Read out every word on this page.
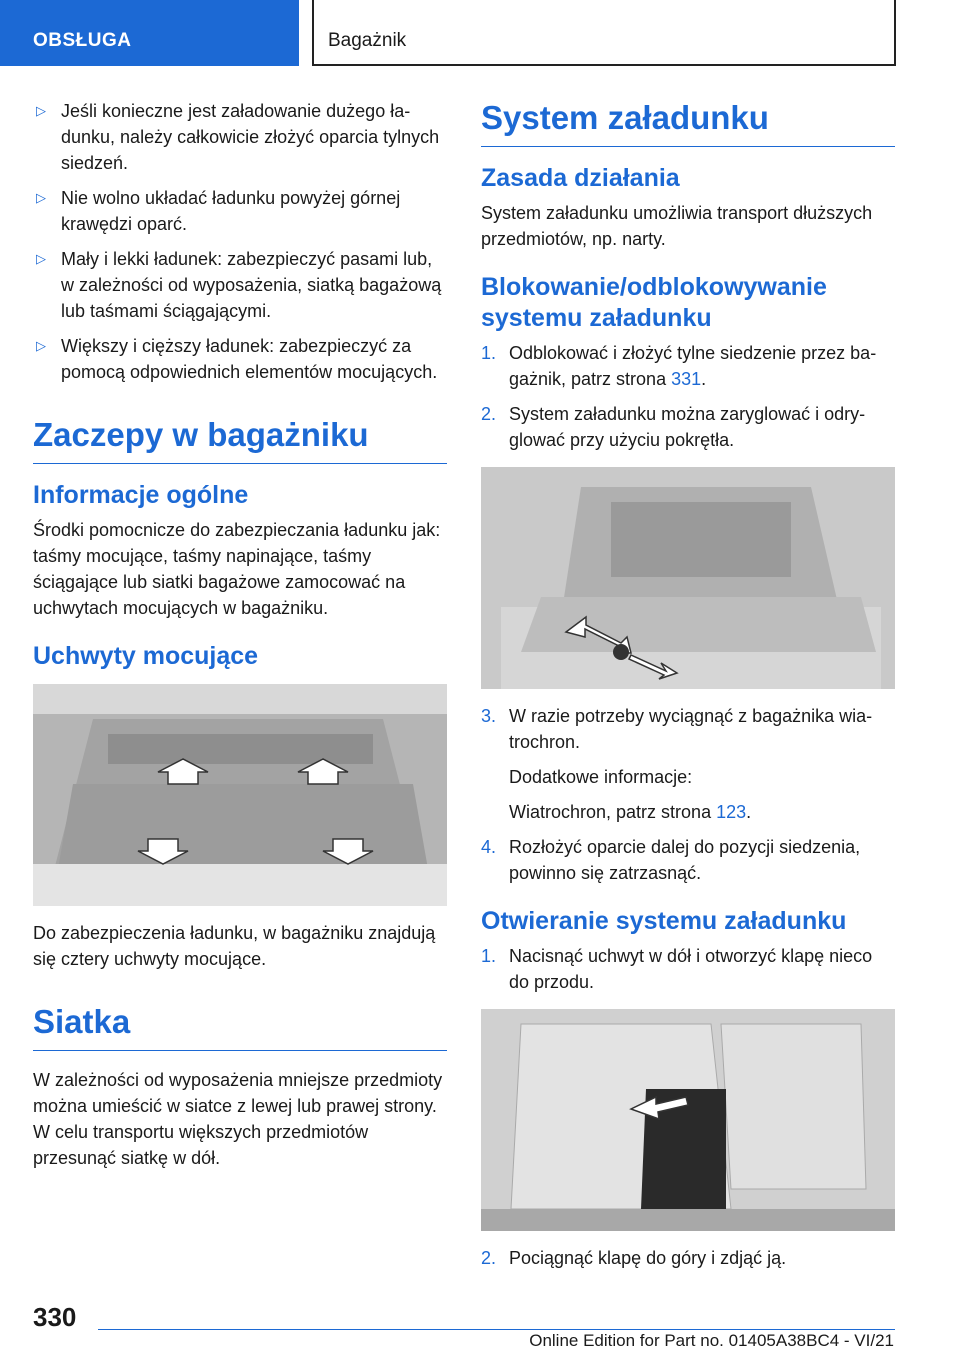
OBSŁUGA	Bagażnik
▷ Jeśli konieczne jest załadowanie dużego ładunku, należy całkowicie złożyć oparcia tylnych siedzeń.
▷ Nie wolno układać ładunku powyżej górnej krawędzi oparć.
▷ Mały i lekki ładunek: zabezpieczyć pasami lub, w zależności od wyposażenia, siatką bagażową lub taśmami ściągającymi.
▷ Większy i cięższy ładunek: zabezpieczyć za pomocą odpowiednich elementów mocujących.
Zaczepy w bagażniku
Informacje ogólne

Środki pomocnicze do zabezpieczania ładunku jak: taśmy mocujące, taśmy napinające, taśmy ściągające lub siatki bagażowe zamocować na uchwytach mocujących w bagażniku.

Uchwyty mocujące

Do zabezpieczenia ładunku, w bagażniku znajdują się cztery uchwyty mocujące.

Siatka

W zależności od wyposażenia mniejsze przedmioty można umieścić w siatce z lewej lub prawej strony. W celu transportu większych przedmiotów przesunąć siatkę w dół.

System załadunku
Zasada działania

System załadunku umożliwia transport dłuższych przedmiotów, np. narty.

Blokowanie/odblokowywanie systemu załadunku
1. Odblokować i złożyć tylne siedzenie przez bagażnik, patrz strona 331.
2. System załadunku można zaryglować i odryglować przy użyciu pokrętła.
3. W razie potrzeby wyciągnąć z bagażnika wiatrochron.
Dodatkowe informacje:
Wiatrochron, patrz strona 123.
4. Rozłożyć oparcie dalej do pozycji siedzenia, powinno się zatrzasnąć.
Otwieranie systemu załadunku
1. Nacisnąć uchwyt w dół i otworzyć klapę nieco do przodu.
2. Pociągnąć klapę do góry i zdjąć ją.
330
Online Edition for Part no. 01405A38BC4 - VI/21
